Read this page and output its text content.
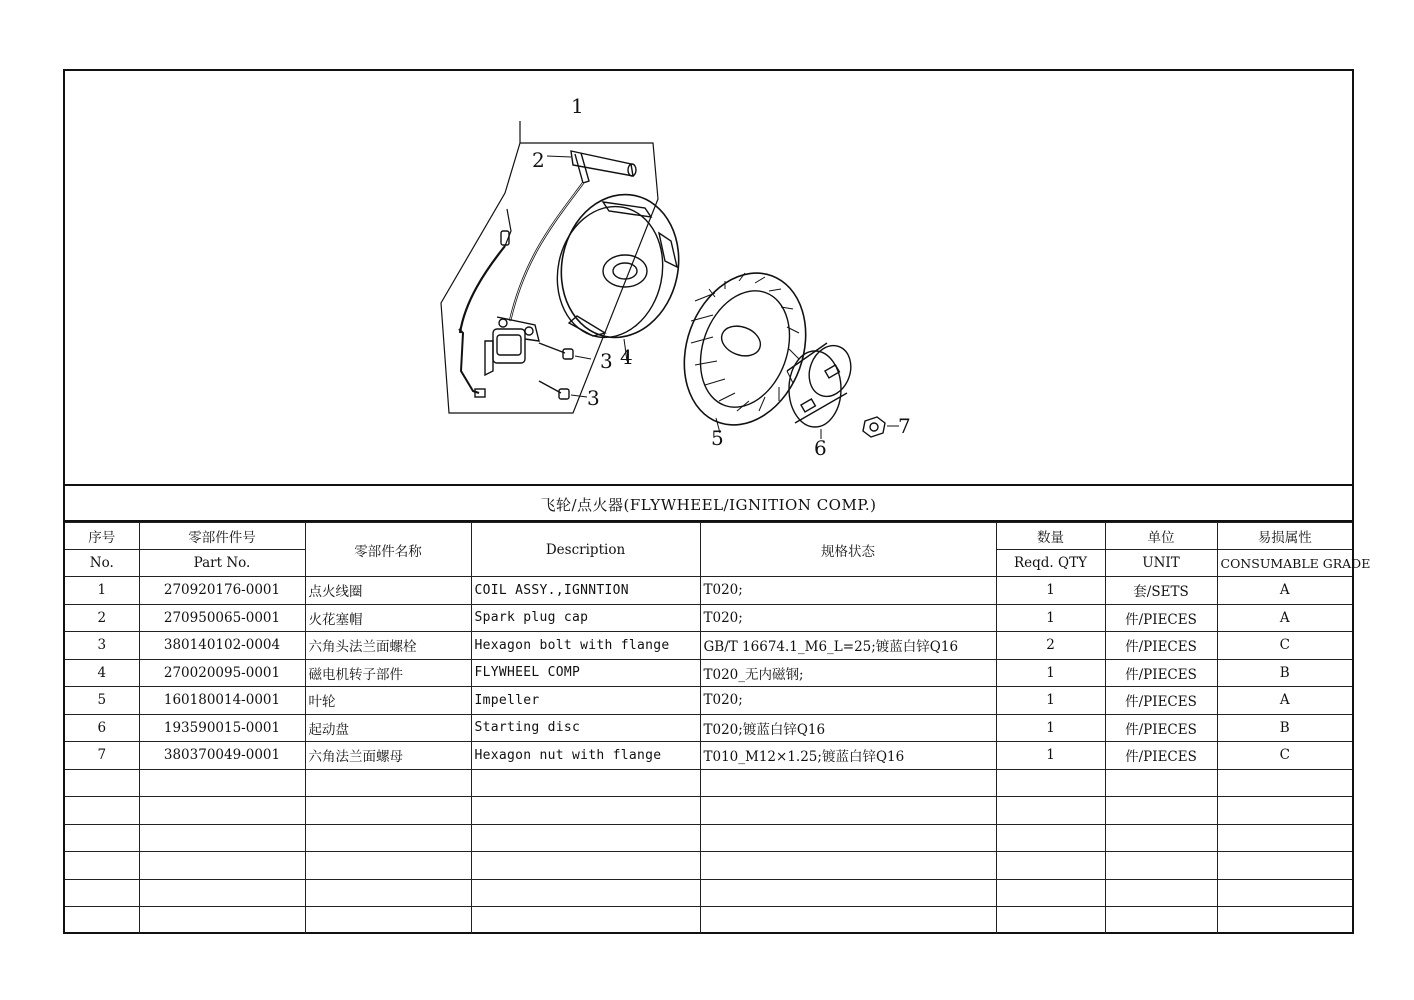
1
2
3 4
3
5	6
7
飞轮/点火器(FLYWHEEL/IGNITION COMP.)
序号	零部件件号	零部件名称	Description	规格状态	数量	单位	易损属性
No.	Part No.				Reqd. QTY	UNIT	CONSUMABLE GRADE
1	270920176-0001	点火线圈	COIL ASSY.,IGNNTION	T020;	1	套/SETS	A
2	270950065-0001	火花塞帽	Spark plug cap	T020;	1	件/PIECES	A
3	380140102-0004	六角头法兰面螺栓	Hexagon bolt with flange	GB/T 16674.1_M6_L=25;镀蓝白锌Q16	2	件/PIECES	C
4	270020095-0001	磁电机转子部件	FLYWHEEL COMP	T020_无内磁钢;	1	件/PIECES	B
5	160180014-0001	叶轮	Impeller	T020;	1	件/PIECES	A
6	193590015-0001	起动盘	Starting disc	T020;镀蓝白锌Q16	1	件/PIECES	B
7	380370049-0001	六角法兰面螺母	Hexagon nut with flange	T010_M12×1.25;镀蓝白锌Q16	1	件/PIECES	C
